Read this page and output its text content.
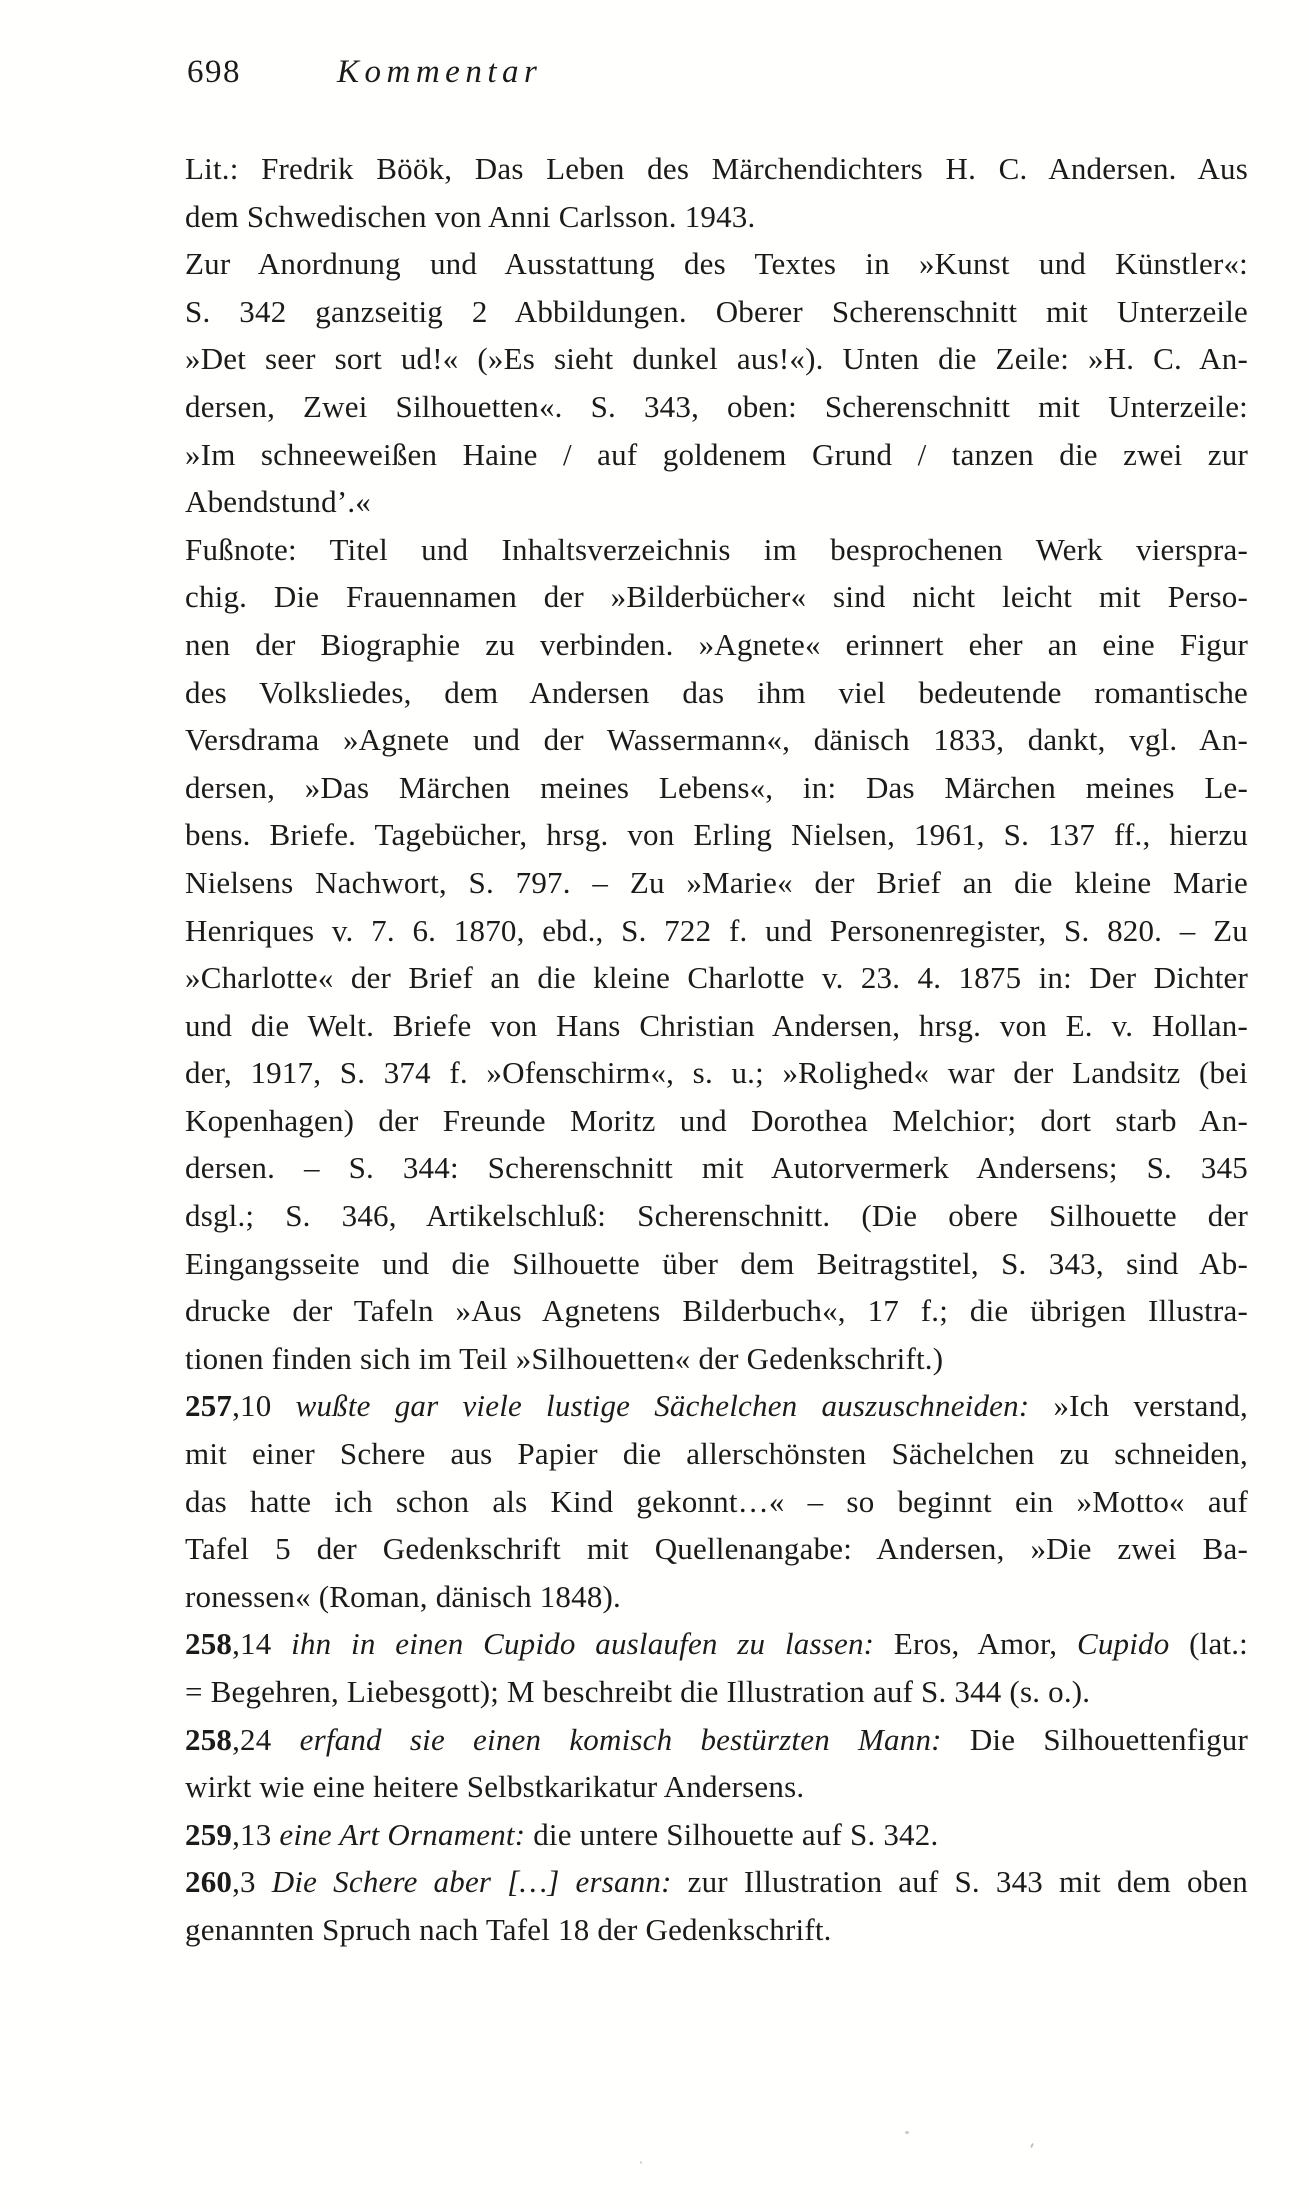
698	Kommentar
Lit.: Fredrik Böök, Das Leben des Märchendichters H. C. Andersen. Aus
dem Schwedischen von Anni Carlsson. 1943.
Zur Anordnung und Ausstattung des Textes in »Kunst und Künstler«:
S. 342 ganzseitig 2 Abbildungen. Oberer Scherenschnitt mit Unterzeile
»Det seer sort ud!« (»Es sieht dunkel aus!«). Unten die Zeile: »H. C. An-
dersen, Zwei Silhouetten«. S. 343, oben: Scherenschnitt mit Unterzeile:
»Im schneeweißen Haine / auf goldenem Grund / tanzen die zwei zur
Abendstund’.«
Fußnote: Titel und Inhaltsverzeichnis im besprochenen Werk vierspra-
chig. Die Frauennamen der »Bilderbücher« sind nicht leicht mit Perso-
nen der Biographie zu verbinden. »Agnete« erinnert eher an eine Figur
des Volksliedes, dem Andersen das ihm viel bedeutende romantische
Versdrama »Agnete und der Wassermann«, dänisch 1833, dankt, vgl. An-
dersen, »Das Märchen meines Lebens«, in: Das Märchen meines Le-
bens. Briefe. Tagebücher, hrsg. von Erling Nielsen, 1961, S. 137 ff., hierzu
Nielsens Nachwort, S. 797. – Zu »Marie« der Brief an die kleine Marie
Henriques v. 7. 6. 1870, ebd., S. 722 f. und Personenregister, S. 820. – Zu
»Charlotte« der Brief an die kleine Charlotte v. 23. 4. 1875 in: Der Dichter
und die Welt. Briefe von Hans Christian Andersen, hrsg. von E. v. Hollan-
der, 1917, S. 374 f. »Ofenschirm«, s. u.; »Rolighed« war der Landsitz (bei
Kopenhagen) der Freunde Moritz und Dorothea Melchior; dort starb An-
dersen. – S. 344: Scherenschnitt mit Autorvermerk Andersens; S. 345
dsgl.; S. 346, Artikelschluß: Scherenschnitt. (Die obere Silhouette der
Eingangsseite und die Silhouette über dem Beitragstitel, S. 343, sind Ab-
drucke der Tafeln »Aus Agnetens Bilderbuch«, 17 f.; die übrigen Illustra-
tionen finden sich im Teil »Silhouetten« der Gedenkschrift.)
257,10 wußte gar viele lustige Sächelchen auszuschneiden: »Ich verstand,
mit einer Schere aus Papier die allerschönsten Sächelchen zu schneiden,
das hatte ich schon als Kind gekonnt…« – so beginnt ein »Motto« auf
Tafel 5 der Gedenkschrift mit Quellenangabe: Andersen, »Die zwei Ba-
ronessen« (Roman, dänisch 1848).
258,14 ihn in einen Cupido auslaufen zu lassen: Eros, Amor, Cupido (lat.:
= Begehren, Liebesgott); M beschreibt die Illustration auf S. 344 (s. o.).
258,24 erfand sie einen komisch bestürzten Mann: Die Silhouettenfigur
wirkt wie eine heitere Selbstkarikatur Andersens.
259,13 eine Art Ornament: die untere Silhouette auf S. 342.
260,3 Die Schere aber […] ersann: zur Illustration auf S. 343 mit dem oben
genannten Spruch nach Tafel 18 der Gedenkschrift.
